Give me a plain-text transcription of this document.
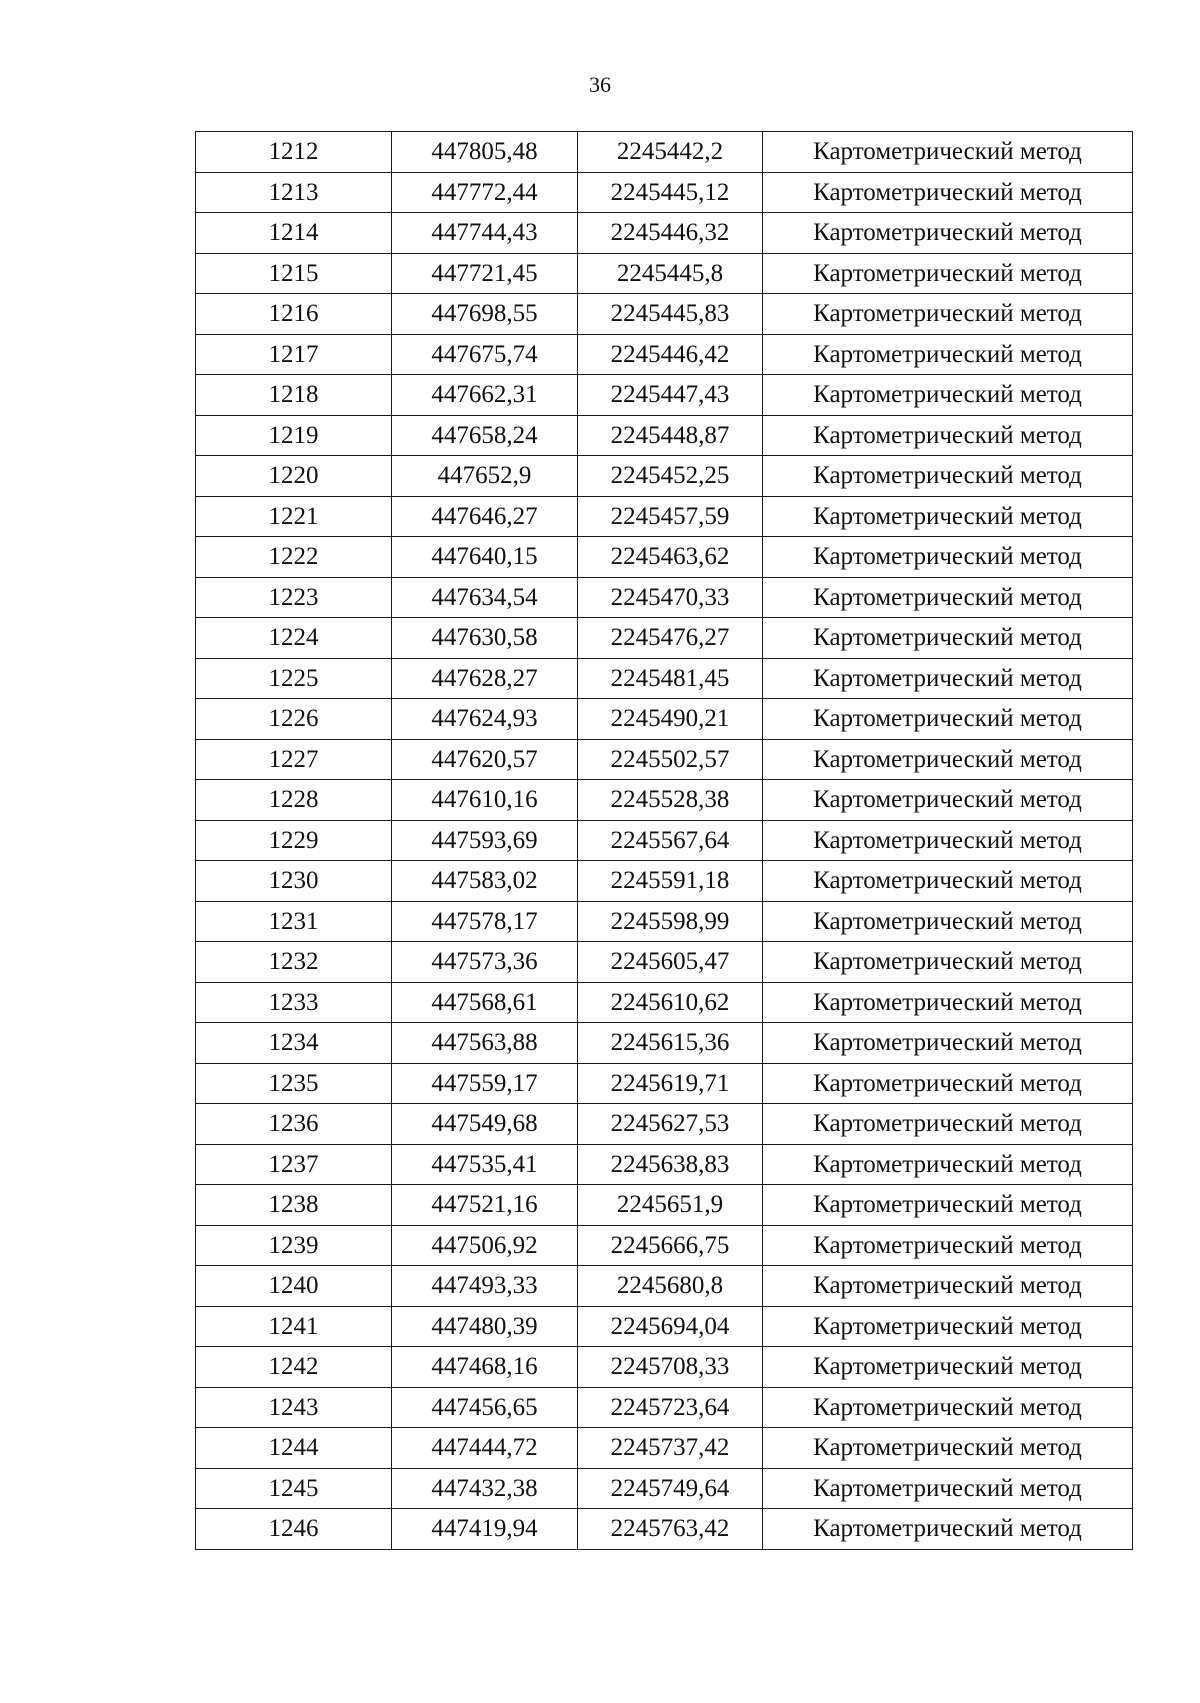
36
1212	447805,48	2245442,2	Картометрический метод
1213	447772,44	2245445,12	Картометрический метод
1214	447744,43	2245446,32	Картометрический метод
1215	447721,45	2245445,8	Картометрический метод
1216	447698,55	2245445,83	Картометрический метод
1217	447675,74	2245446,42	Картометрический метод
1218	447662,31	2245447,43	Картометрический метод
1219	447658,24	2245448,87	Картометрический метод
1220	447652,9	2245452,25	Картометрический метод
1221	447646,27	2245457,59	Картометрический метод
1222	447640,15	2245463,62	Картометрический метод
1223	447634,54	2245470,33	Картометрический метод
1224	447630,58	2245476,27	Картометрический метод
1225	447628,27	2245481,45	Картометрический метод
1226	447624,93	2245490,21	Картометрический метод
1227	447620,57	2245502,57	Картометрический метод
1228	447610,16	2245528,38	Картометрический метод
1229	447593,69	2245567,64	Картометрический метод
1230	447583,02	2245591,18	Картометрический метод
1231	447578,17	2245598,99	Картометрический метод
1232	447573,36	2245605,47	Картометрический метод
1233	447568,61	2245610,62	Картометрический метод
1234	447563,88	2245615,36	Картометрический метод
1235	447559,17	2245619,71	Картометрический метод
1236	447549,68	2245627,53	Картометрический метод
1237	447535,41	2245638,83	Картометрический метод
1238	447521,16	2245651,9	Картометрический метод
1239	447506,92	2245666,75	Картометрический метод
1240	447493,33	2245680,8	Картометрический метод
1241	447480,39	2245694,04	Картометрический метод
1242	447468,16	2245708,33	Картометрический метод
1243	447456,65	2245723,64	Картометрический метод
1244	447444,72	2245737,42	Картометрический метод
1245	447432,38	2245749,64	Картометрический метод
1246	447419,94	2245763,42	Картометрический метод
